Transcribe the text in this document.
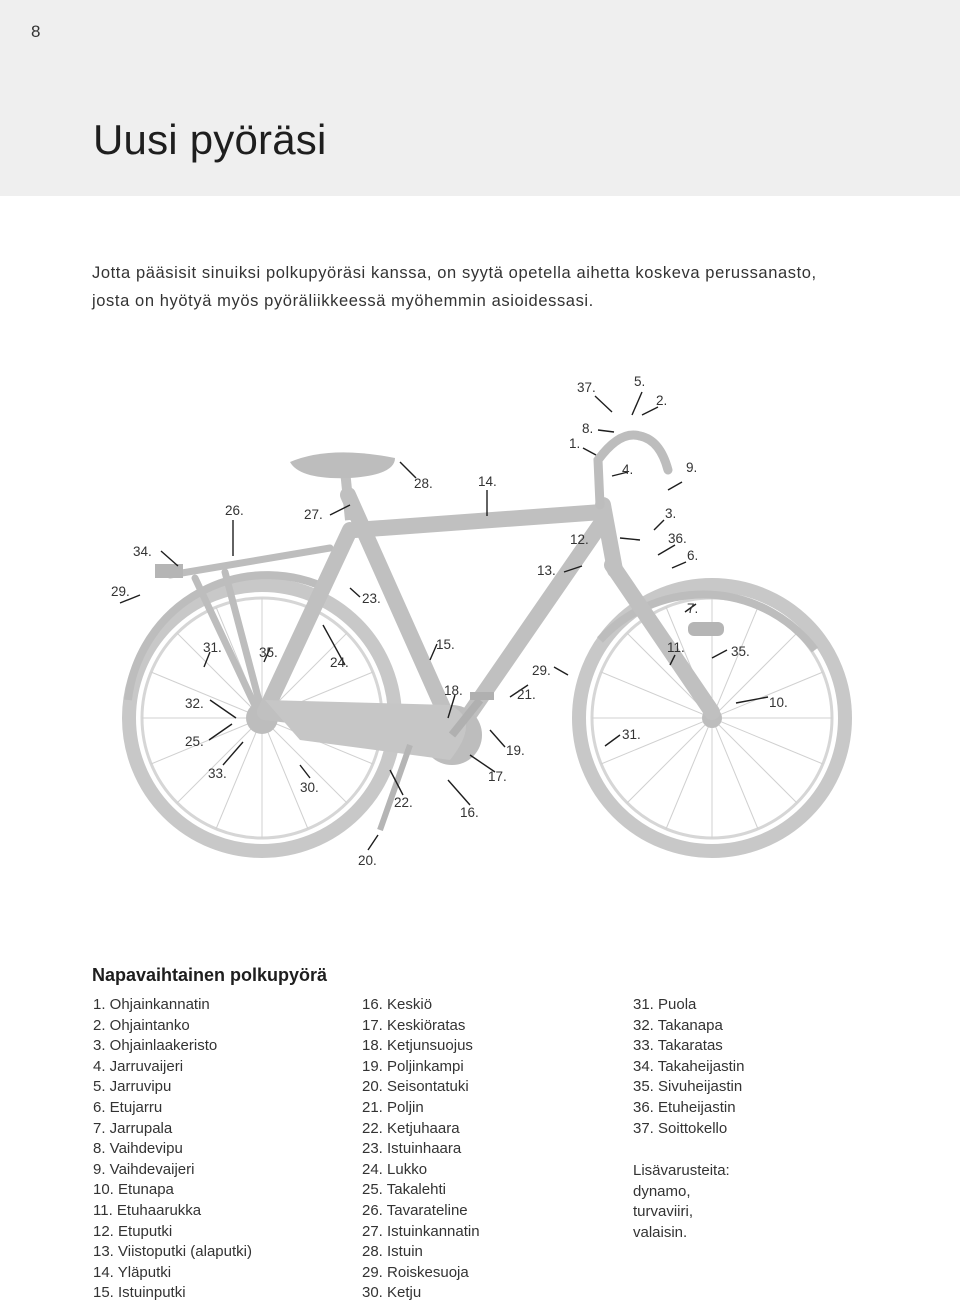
8
Uusi pyöräsi
Jotta pääsisit sinuiksi polkupyöräsi kanssa, on syytä opetella aihetta koskeva perussanasto,
josta on hyötyä myös pyöräliikkeessä myöhemmin asioidessasi.
37.	5.
2.
8.
1.
28.	14.
4.	9.
26.	27.	3.
12.	36.
34.
13.
6.
29.	23.
7.
31.	35.
24.
15.	11.	35.
29.
18.
32.
21.
10.
25.	31.
19.
33.	17.
30.
22.
16.
20.
Napavaihtainen polkupyörä
1. Ohjainkannatin
2. Ohjaintanko
3. Ohjainlaakeristo
4. Jarruvaijeri
5. Jarruvipu
6. Etujarru
7. Jarrupala
8. Vaihdevipu
9. Vaihdevaijeri
10. Etunapa
11. Etuhaarukka
12. Etuputki
13. Viistoputki (alaputki)
14. Yläputki
15. Istuinputki
16. Keskiö
17. Keskiöratas
18. Ketjunsuojus
19. Poljinkampi
20. Seisontatuki
21. Poljin
22. Ketjuhaara
23. Istuinhaara
24. Lukko
25. Takalehti
26. Tavarateline
27. Istuinkannatin
28. Istuin
29. Roiskesuoja
30. Ketju
31. Puola
32. Takanapa
33. Takaratas
34. Takaheijastin
35. Sivuheijastin
36. Etuheijastin
37. Soittokello
Lisävarusteita:
dynamo,
turvaviiri,
valaisin.
